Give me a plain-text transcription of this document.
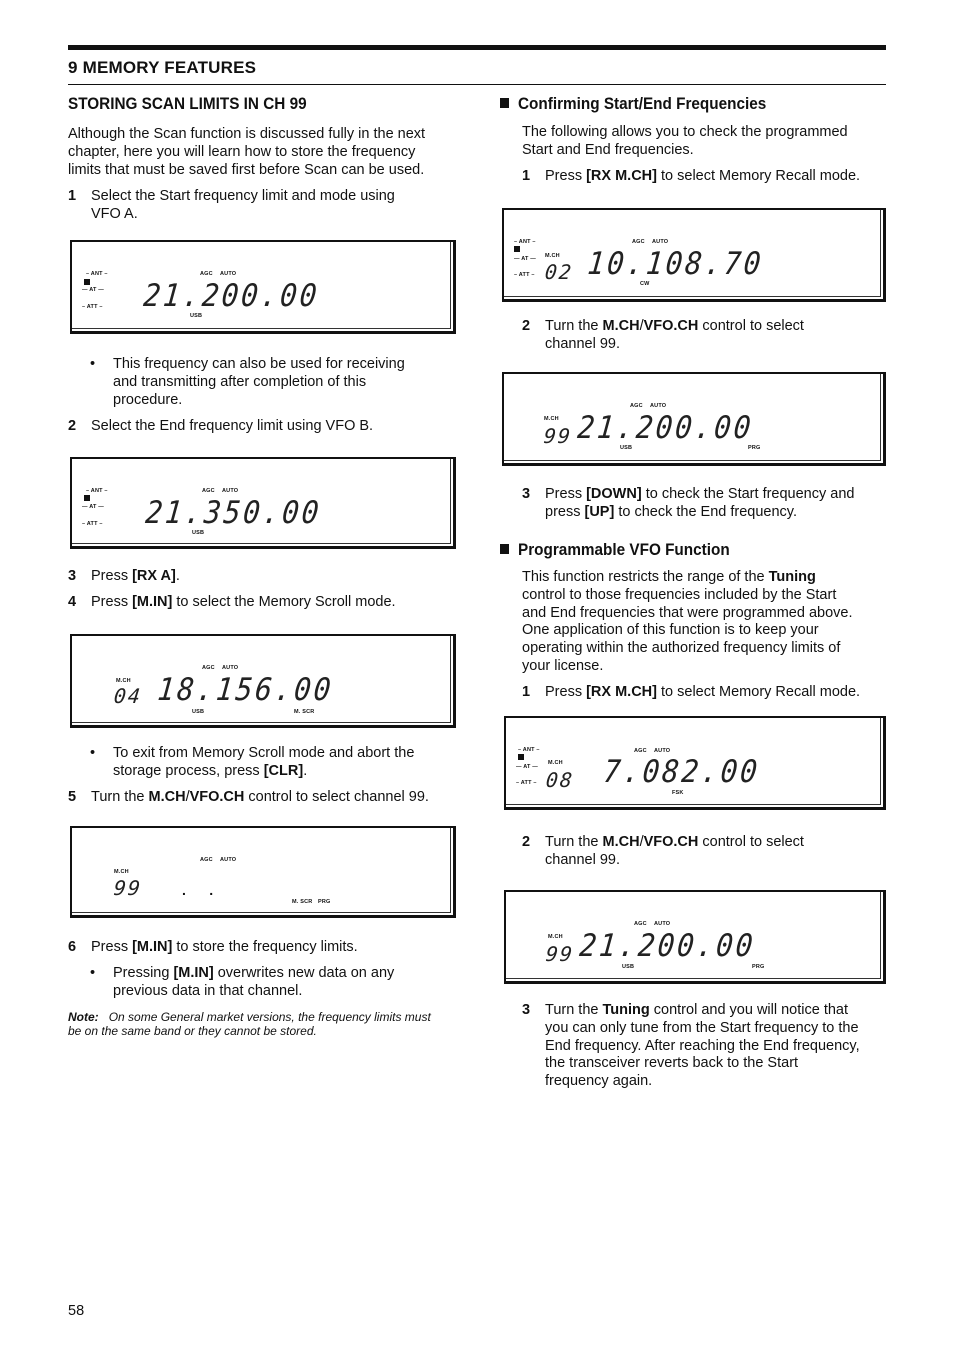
9 MEMORY FEATURES
STORING SCAN LIMITS IN CH 99
Although the Scan function is discussed fully in the next
chapter, here you will learn how to store the frequency
limits that must be saved first before Scan can be used.
1 Select the Start frequency limit and mode using
VFO A.
– ANT –
— AT —
– ATT –
AGC AUTO
21.200.00
USB
• This frequency can also be used for receiving
and transmitting after completion of this
procedure.
2 Select the End frequency limit using VFO B.
– ANT –
— AT —
– ATT –
AGC AUTO
21.350.00
USB
3 Press [RX A].
4 Press [M.IN] to select the Memory Scroll mode.
AGC AUTO
M.CH
04 18.156.00
USB	M. SCR
• To exit from Memory Scroll mode and abort the
storage process, press [CLR].
5 Turn the M.CH/VFO.CH control to select channel 99.
AGC AUTO
M.CH
99	.      .
M. SCR PRG
6 Press [M.IN] to store the frequency limits.
• Pressing [M.IN] overwrites new data on any
previous data in that channel.
Note: On some General market versions, the frequency limits must
be on the same band or they cannot be stored.
Confirming Start/End Frequencies
The following allows you to check the programmed
Start and End frequencies.
1 Press [RX M.CH] to select Memory Recall mode.
– ANT –
— AT —
– ATT –
M.CH
02
AGC AUTO
10.108.70
CW
2 Turn the M.CH/VFO.CH control to select
channel 99.
AGC AUTO
M.CH
99 21.200.00
USB	PRG
3 Press [DOWN] to check the Start frequency and
press [UP] to check the End frequency.
Programmable VFO Function
This function restricts the range of the Tuning
control to those frequencies included by the Start
and End frequencies that were programmed above.
One application of this function is to keep your
operating within the authorized frequency limits of
your license.
1 Press [RX M.CH] to select Memory Recall mode.
– ANT –
— AT —
– ATT –
M.CH
08
AGC AUTO
7.082.00
FSK
2 Turn the M.CH/VFO.CH control to select
channel 99.
AGC AUTO
M.CH
99 21.200.00
USB	PRG
3 Turn the Tuning control and you will notice that
you can only tune from the Start frequency to the
End frequency. After reaching the End frequency,
the transceiver reverts back to the Start
frequency again.
58
